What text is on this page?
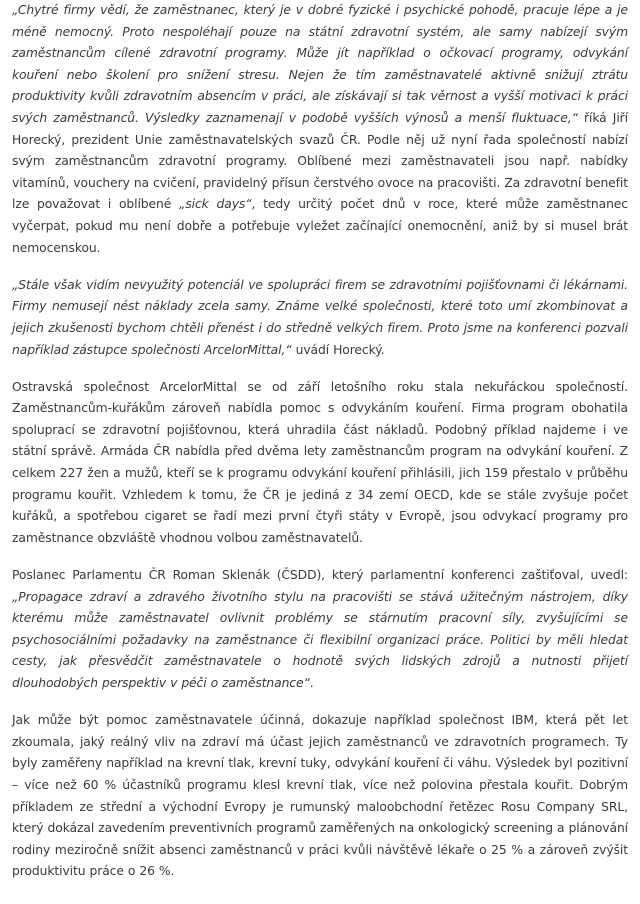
„Chytré firmy vědí, že zaměstnanec, který je v dobré fyzické i psychické pohodě, pracuje lépe a je méně nemocný. Proto nespoléhají pouze na státní zdravotní systém, ale samy nabízejí svým zaměstnancům cílené zdravotní programy. Může jít například o očkovací programy, odvykání kouření nebo školení pro snížení stresu. Nejen že tím zaměstnavatelé aktivně snižují ztrátu produktivity kvůli zdravotním absencím v práci, ale získávají si tak věrnost a vyšší motivaci k práci svých zaměstnanců. Výsledky zaznamenají v podobě vyšších výnosů a menší fluktuace,“ říká Jiří Horecký, prezident Unie zaměstnavatelských svazů ČR. Podle něj už nyní řada společností nabízí svým zaměstnancům zdravotní programy. Oblíbené mezi zaměstnavateli jsou např. nabídky vitamínů, vouchery na cvičení, pravidelný přísun čerstvého ovoce na pracovišti. Za zdravotní benefit lze považovat i oblíbené „sick days“, tedy určitý počet dnů v roce, které může zaměstnanec vyčerpat, pokud mu není dobře a potřebuje vyležet začínající onemocnění, aniž by si musel brát nemocenskou.

„Stále však vidím nevyužitý potenciál ve spolupráci firem se zdravotními pojišťovnami či lékárnami. Firmy nemusejí nést náklady zcela samy. Známe velké společnosti, které toto umí zkombinovat a jejich zkušenosti bychom chtěli přenést i do středně velkých firem. Proto jsme na konferenci pozvali například zástupce společnosti ArcelorMittal,“ uvádí Horecký.

Ostravská společnost ArcelorMittal se od září letošního roku stala nekuřáckou společností. Zaměstnancům-kuřákům zároveň nabídla pomoc s odvykáním kouření. Firma program obohatila spoluprací se zdravotní pojišťovnou, která uhradila část nákladů. Podobný příklad najdeme i ve státní správě. Armáda ČR nabídla před dvěma lety zaměstnancům program na odvykání kouření. Z celkem 227 žen a mužů, kteří se k programu odvykání kouření přihlásili, jich 159 přestalo v průběhu programu kouřit. Vzhledem k tomu, že ČR je jediná z 34 zemí OECD, kde se stále zvyšuje počet kuřáků, a spotřebou cigaret se řadí mezi první čtyři státy v Evropě, jsou odvykací programy pro zaměstnance obzvláště vhodnou volbou zaměstnavatelů.

Poslanec Parlamentu ČR Roman Sklenák (ČSDD), který parlamentní konferenci zaštiťoval, uvedl: „Propagace zdraví a zdravého životního stylu na pracovišti se stává užitečným nástrojem, díky kterému může zaměstnavatel ovlivnit problémy se stárnutím pracovní síly, zvyšujícími se psychosociálními požadavky na zaměstnance či flexibilní organizaci práce. Politici by měli hledat cesty, jak přesvědčit zaměstnavatele o hodnotě svých lidských zdrojů a nutnosti přijetí dlouhodobých perspektiv v péči o zaměstnance“.

Jak může být pomoc zaměstnavatele účinná, dokazuje například společnost IBM, která pět let zkoumala, jaký reálný vliv na zdraví má účast jejich zaměstnanců ve zdravotních programech. Ty byly zaměřeny například na krevní tlak, krevní tuky, odvykání kouření či váhu. Výsledek byl pozitivní – více než 60 % účastníků programu klesl krevní tlak, více než polovina přestala kouřit. Dobrým příkladem ze střední a východní Evropy je rumunský maloobchodní řetězec Rosu Company SRL, který dokázal zavedením preventivních programů zaměřených na onkologický screening a plánování rodiny meziročně snížit absenci zaměstnanců v práci kvůli návštěvě lékaře o 25 % a zároveň zvýšit produktivitu práce o 26 %.
